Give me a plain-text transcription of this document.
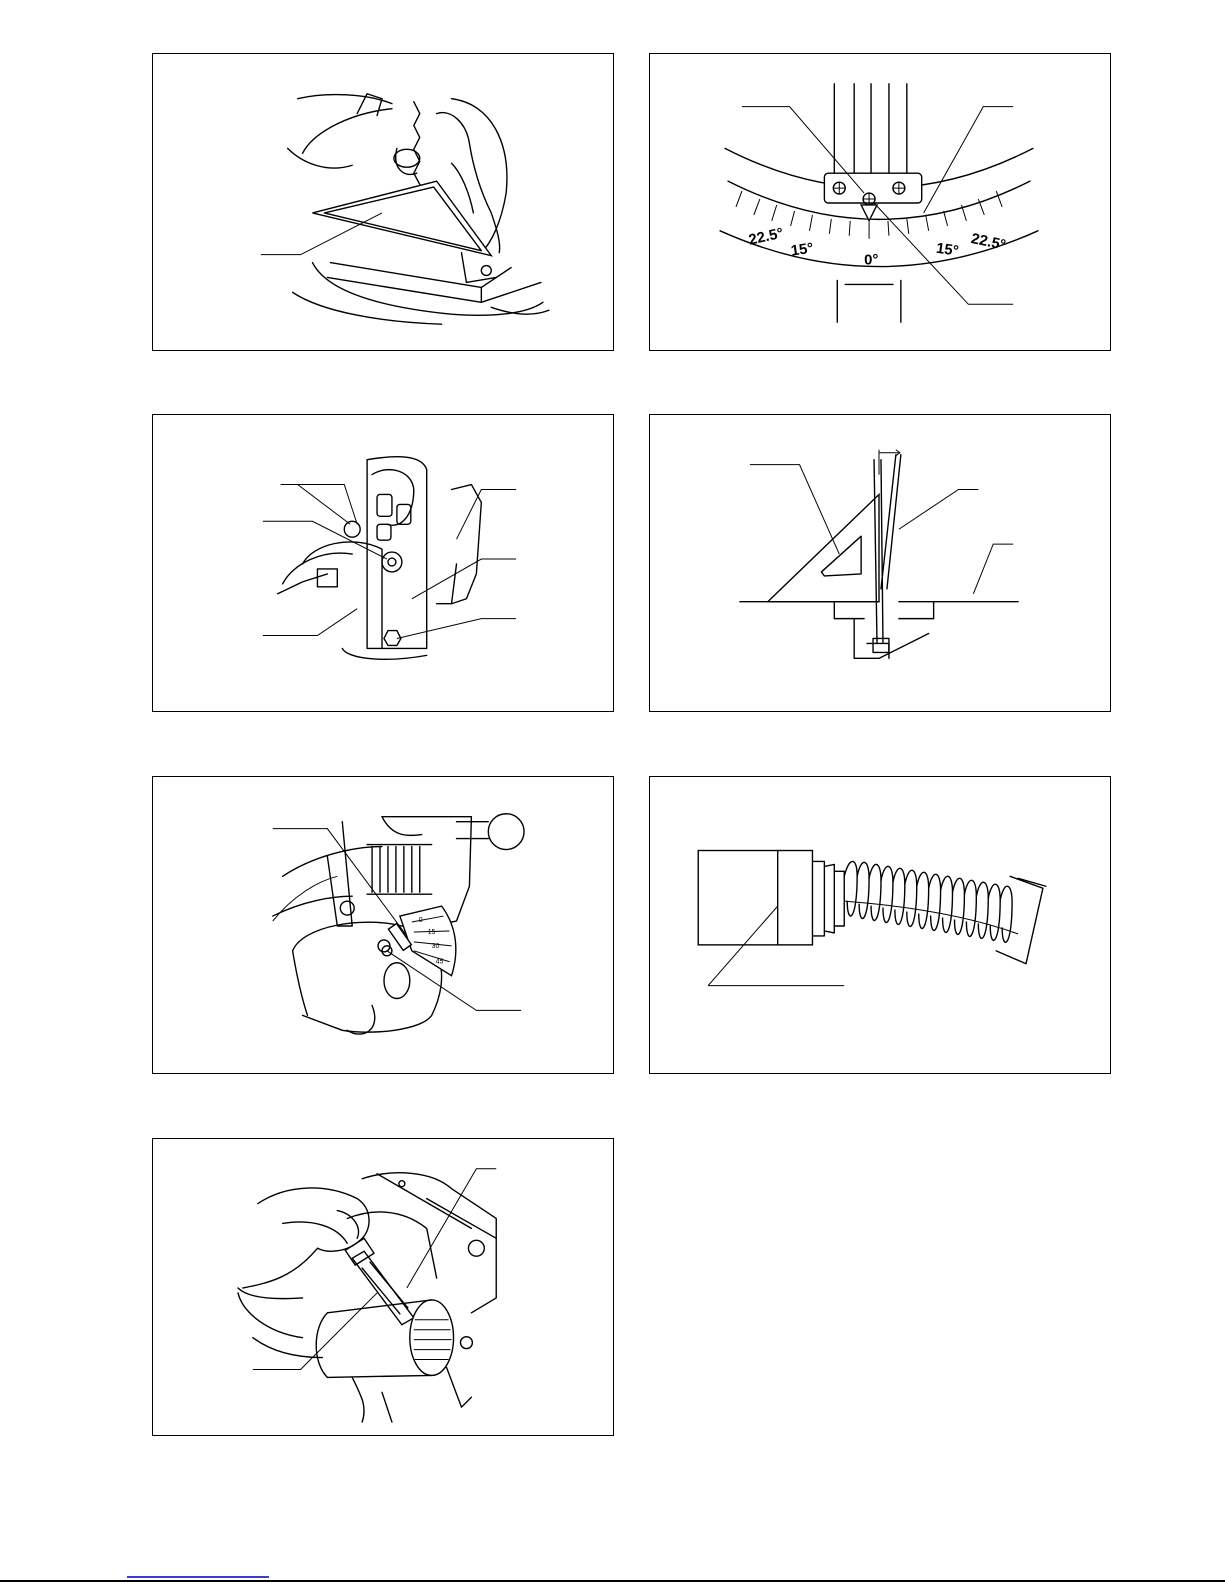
22.5°
15°
0°
15° 22.5°
0
15
30
45
